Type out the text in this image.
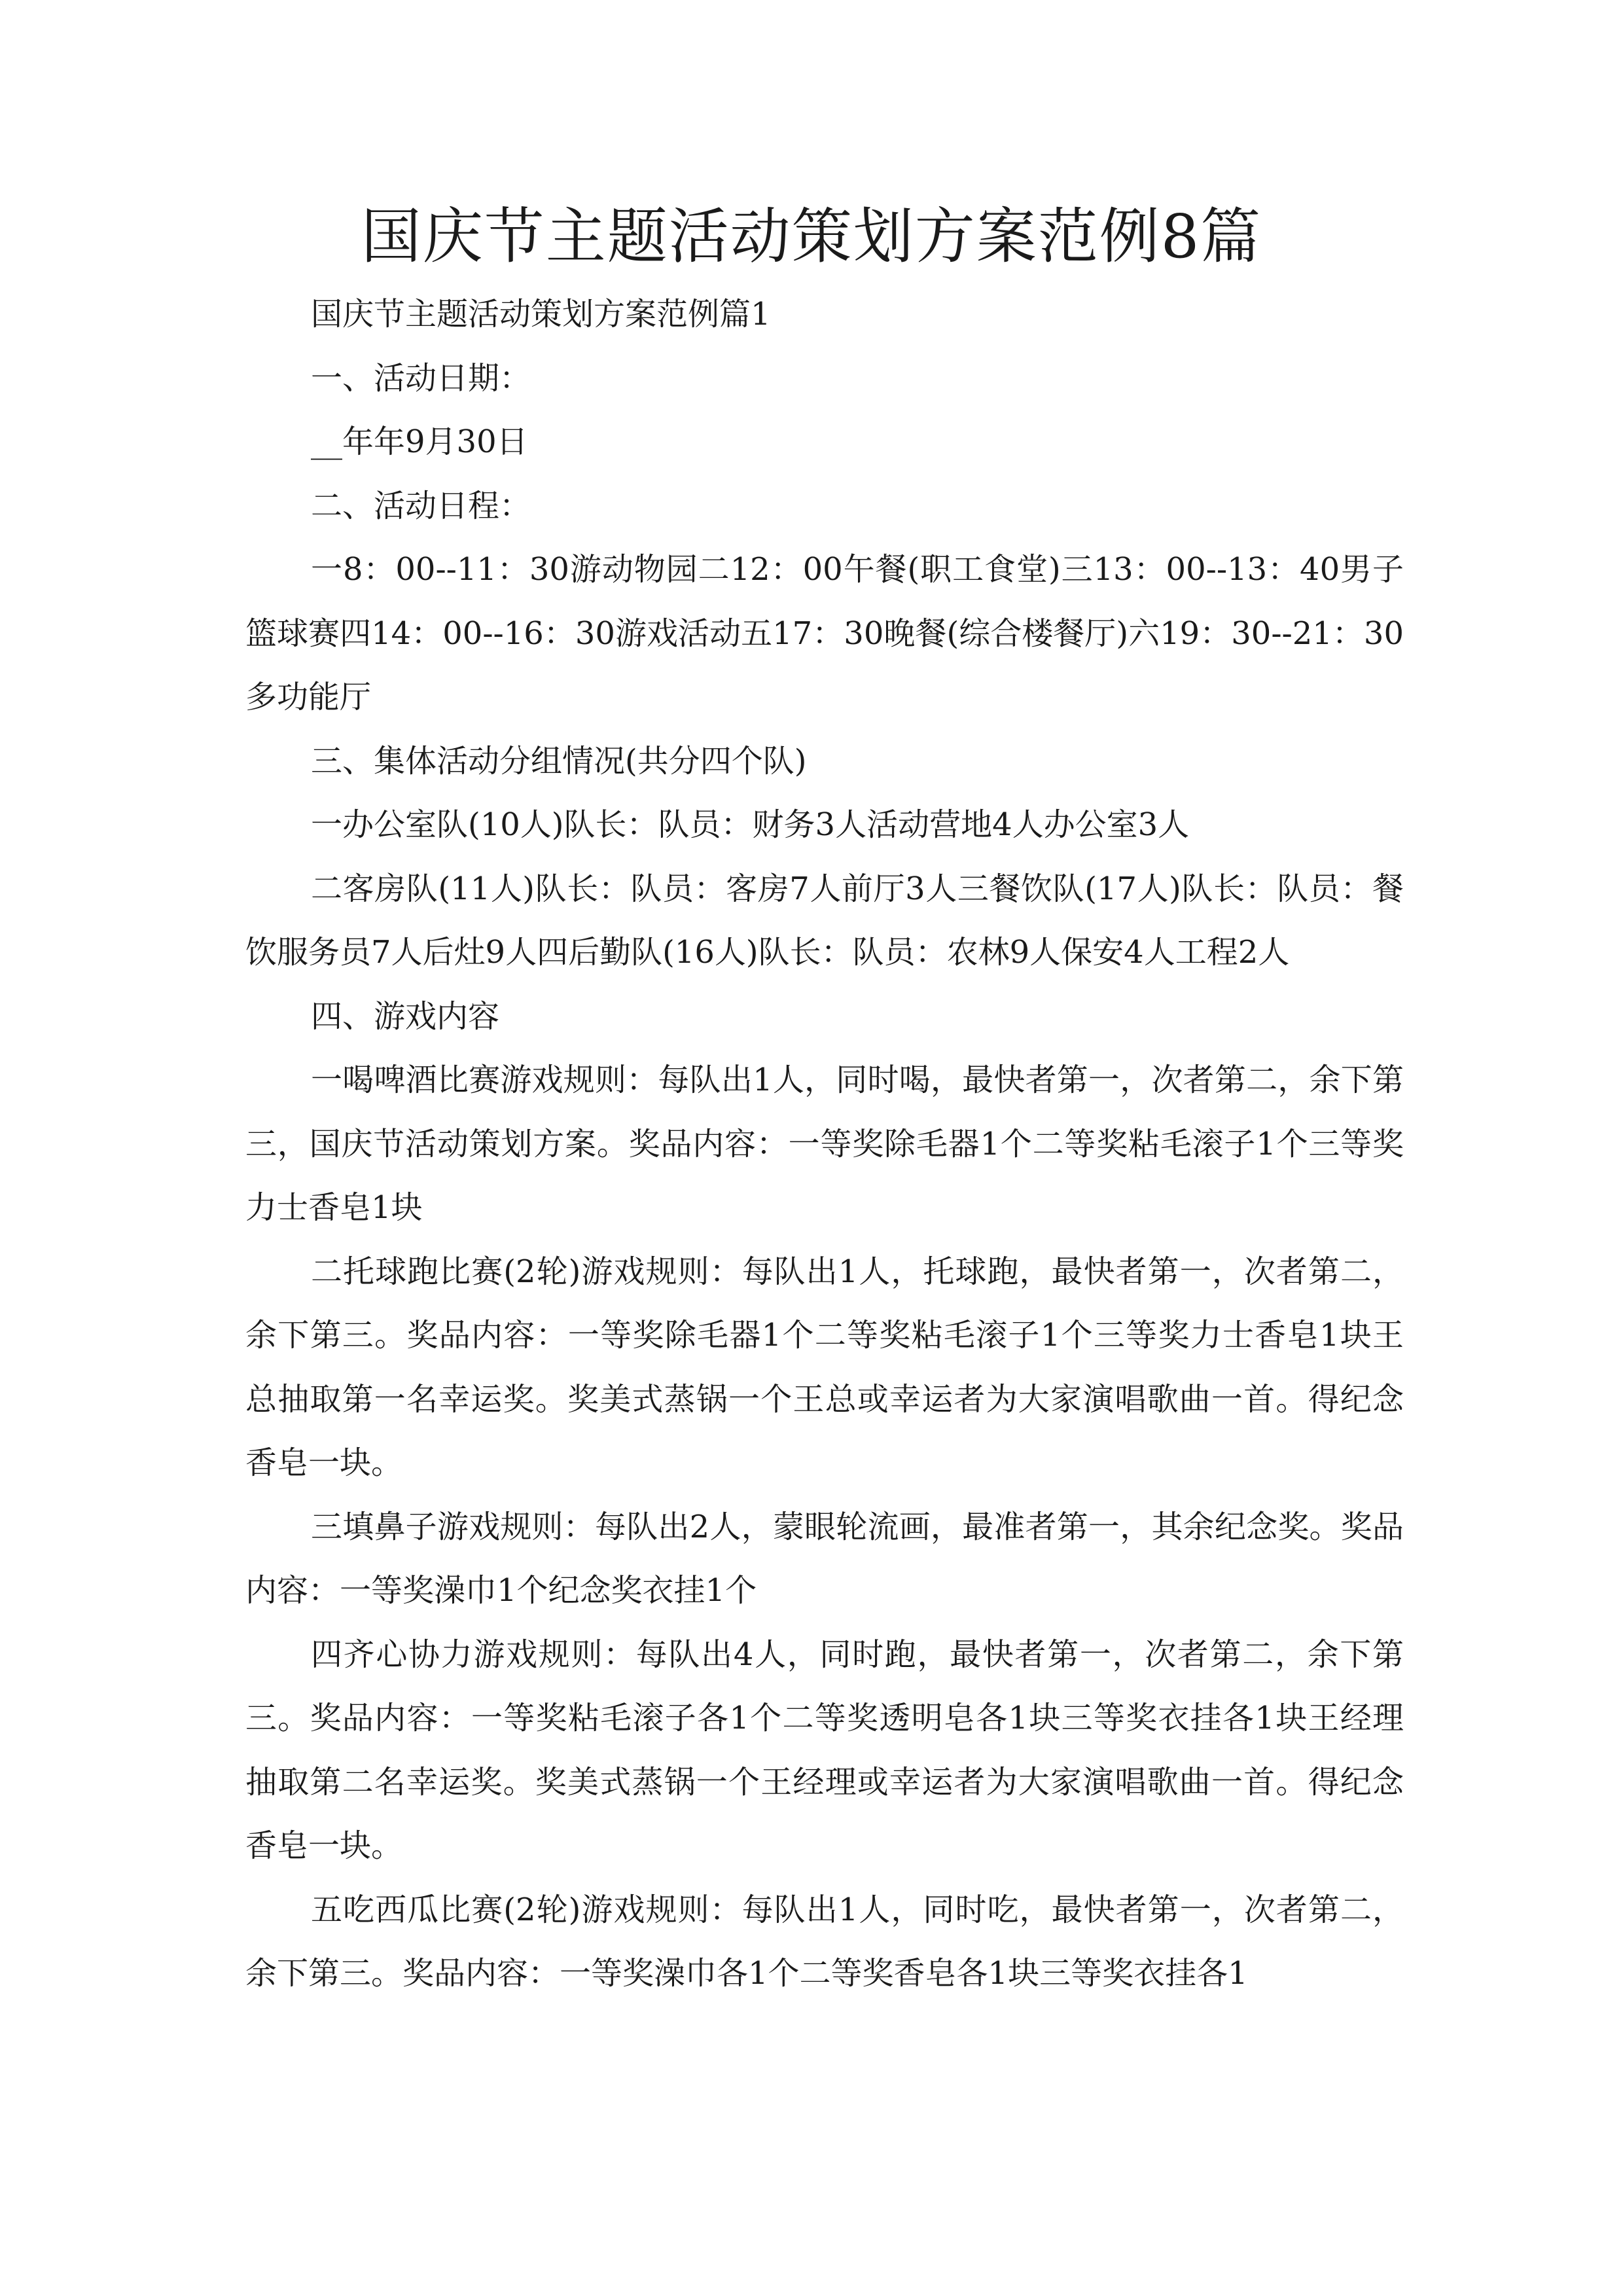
国庆节主题活动策划方案范例8篇

国庆节主题活动策划方案范例篇1

一、活动日期：

__年年9月30日

二、活动日程：

一8：00--11：30游动物园二12：00午餐(职工食堂)三13：00--13：40男子篮球赛四14：00--16：30游戏活动五17：30晚餐(综合楼餐厅)六19：30--21：30多功能厅

三、集体活动分组情况(共分四个队)

一办公室队(10人)队长：队员：财务3人活动营地4人办公室3人

二客房队(11人)队长：队员：客房7人前厅3人三餐饮队(17人)队长：队员：餐饮服务员7人后灶9人四后勤队(16人)队长：队员：农林9人保安4人工程2人

四、游戏内容

一喝啤酒比赛游戏规则：每队出1人，同时喝，最快者第一，次者第二，余下第三，国庆节活动策划方案。奖品内容：一等奖除毛器1个二等奖粘毛滚子1个三等奖力士香皂1块

二托球跑比赛(2轮)游戏规则：每队出1人，托球跑，最快者第一，次者第二，余下第三。奖品内容：一等奖除毛器1个二等奖粘毛滚子1个三等奖力士香皂1块王总抽取第一名幸运奖。奖美式蒸锅一个王总或幸运者为大家演唱歌曲一首。得纪念香皂一块。

三填鼻子游戏规则：每队出2人，蒙眼轮流画，最准者第一，其余纪念奖。奖品内容：一等奖澡巾1个纪念奖衣挂1个

四齐心协力游戏规则：每队出4人，同时跑，最快者第一，次者第二，余下第三。奖品内容：一等奖粘毛滚子各1个二等奖透明皂各1块三等奖衣挂各1块王经理抽取第二名幸运奖。奖美式蒸锅一个王经理或幸运者为大家演唱歌曲一首。得纪念香皂一块。

五吃西瓜比赛(2轮)游戏规则：每队出1人，同时吃，最快者第一，次者第二，余下第三。奖品内容：一等奖澡巾各1个二等奖香皂各1块三等奖衣挂各1
